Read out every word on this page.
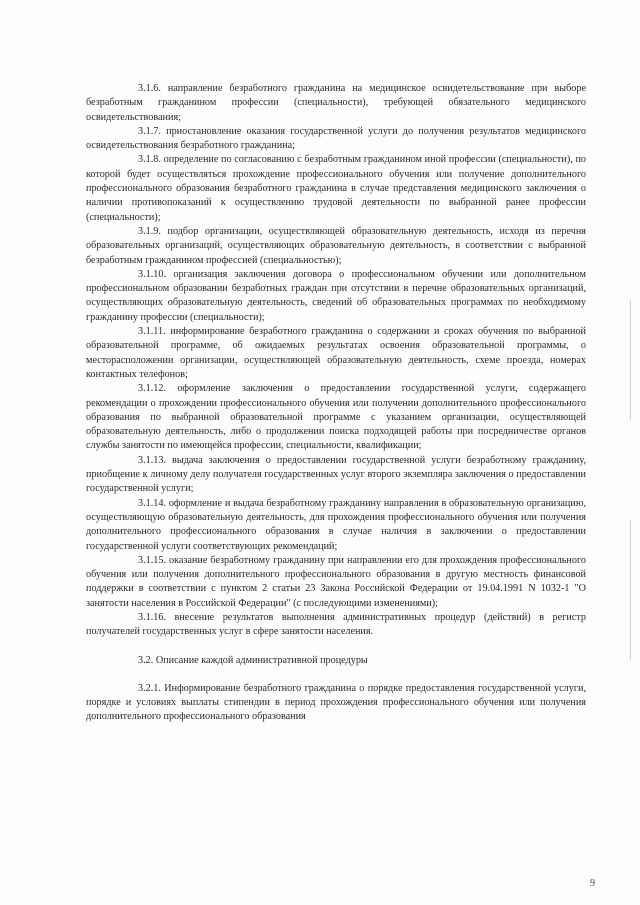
3.1.6. направление безработного гражданина на медицинское освидетельствование при выборе безработным гражданином профессии (специальности), требующей обязательного медицинского освидетельствования;

3.1.7. приостановление оказания государственной услуги до получения результатов медицинского освидетельствования безработного гражданина;

3.1.8. определение по согласованию с безработным гражданином иной профессии (специальности), по которой будет осуществляться прохождение профессионального обучения или получение дополнительного профессионального образования безработного гражданина в случае представления медицинского заключения о наличии противопоказаний к осуществлению трудовой деятельности по выбранной ранее профессии (специальности);

3.1.9. подбор организации, осуществляющей образовательную деятельность, исходя из перечня образовательных организаций, осуществляющих образовательную деятельность, в соответствии с выбранной безработным гражданином профессией (специальностью);

3.1.10. организация заключения договора о профессиональном обучении или дополнительном профессиональном образовании безработных граждан при отсутствии в перечне образовательных организаций, осуществляющих образовательную деятельность, сведений об образовательных программах по необходимому гражданину профессии (специальности);

3.1.11. информирование безработного гражданина о содержании и сроках обучения по выбранной образовательной программе, об ожидаемых результатах освоения образовательной программы, о месторасположении организации, осуществляющей образовательную деятельность, схеме проезда, номерах контактных телефонов;

3.1.12. оформление заключения о предоставлении государственной услуги, содержащего рекомендации о прохождении профессионального обучения или получении дополнительного профессионального образования по выбранной образовательной программе с указанием организации, осуществляющей образовательную деятельность, либо о продолжении поиска подходящей работы при посредничестве органов службы занятости по имеющейся профессии, специальности, квалификации;

3.1.13. выдача заключения о предоставлении государственной услуги безработному гражданину, приобщение к личному делу получателя государственных услуг второго экземпляра заключения о предоставлении государственной услуги;

3.1.14. оформление и выдача безработному гражданину направления в образовательную организацию, осуществляющую образовательную деятельность, для прохождения профессионального обучения или получения дополнительного профессионального образования в случае наличия в заключении о предоставлении государственной услуги соответствующих рекомендаций;

3.1.15. оказание безработному гражданину при направлении его для прохождения профессионального обучения или получения дополнительного профессионального образования в другую местность финансовой поддержки в соответствии с пунктом 2 статьи 23 Закона Российской Федерации от 19.04.1991 N 1032-1 "О занятости населения в Российской Федерации" (с последующими изменениями);

3.1.16. внесение результатов выполнения административных процедур (действий) в регистр получателей государственных услуг в сфере занятости населения.

3.2. Описание каждой административной процедуры

3.2.1. Информирование безработного гражданина о порядке предоставления государственной услуги, порядке и условиях выплаты стипендии в период прохождения профессионального обучения или получения дополнительного профессионального образования

9
